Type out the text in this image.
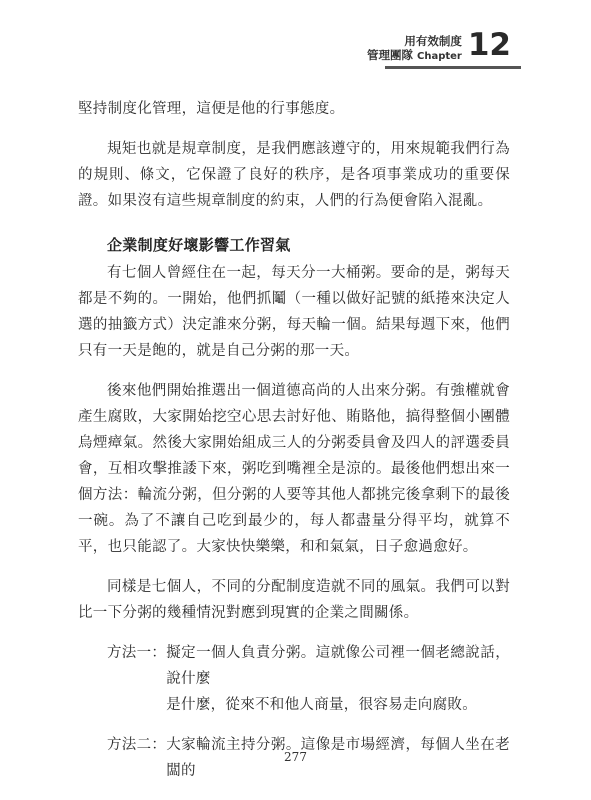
用有效制度
管理團隊 Chapter 12

堅持制度化管理，這便是他的行事態度。

規矩也就是規章制度，是我們應該遵守的，用來規範我們行為的規則、條文，它保證了良好的秩序，是各項事業成功的重要保證。如果沒有這些規章制度的約束，人們的行為便會陷入混亂。

企業制度好壞影響工作習氣

有七個人曾經住在一起，每天分一大桶粥。要命的是，粥每天都是不夠的。一開始，他們抓鬮（一種以做好記號的紙捲來決定人選的抽籤方式）決定誰來分粥，每天輪一個。結果每週下來，他們只有一天是飽的，就是自己分粥的那一天。

後來他們開始推選出一個道德高尚的人出來分粥。有強權就會產生腐敗，大家開始挖空心思去討好他、賄賂他，搞得整個小團體烏煙瘴氣。然後大家開始組成三人的分粥委員會及四人的評選委員會，互相攻擊推諉下來，粥吃到嘴裡全是涼的。最後他們想出來一個方法：輪流分粥，但分粥的人要等其他人都挑完後拿剩下的最後一碗。為了不讓自己吃到最少的，每人都盡量分得平均，就算不平，也只能認了。大家快快樂樂，和和氣氣，日子愈過愈好。

同樣是七個人，不同的分配制度造就不同的風氣。我們可以對比一下分粥的幾種情況對應到現實的企業之間關係。

方法一： 擬定一個人負責分粥。這就像公司裡一個老總說話，說什麼
是什麼，從來不和他人商量，很容易走向腐敗。
方法二： 大家輪流主持分粥。這像是市場經濟，每個人坐在老闆的
277
